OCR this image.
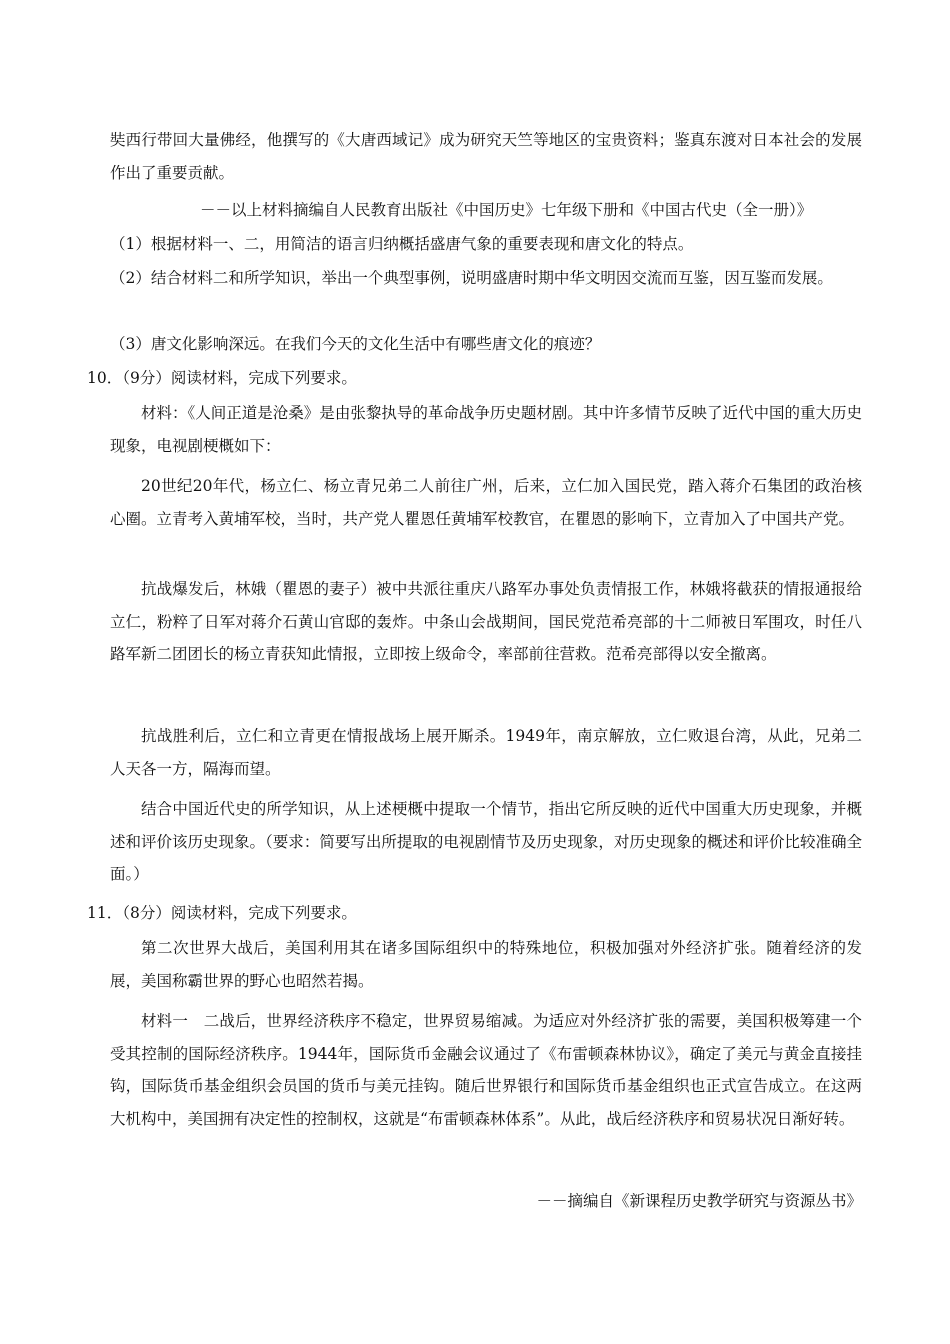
奘西行带回大量佛经，他撰写的《大唐西域记》成为研究天竺等地区的宝贵资料；鉴真东渡对日本社会的发展作出了重要贡献。
－－以上材料摘编自人民教育出版社《中国历史》七年级下册和《中国古代史（全一册）》
（1）根据材料一、二，用简洁的语言归纳概括盛唐气象的重要表现和唐文化的特点。
（2）结合材料二和所学知识，举出一个典型事例，说明盛唐时期中华文明因交流而互鉴，因互鉴而发展。
（3）唐文化影响深远。在我们今天的文化生活中有哪些唐文化的痕迹？
10．（9分）阅读材料，完成下列要求。
材料：《人间正道是沧桑》是由张黎执导的革命战争历史题材剧。其中许多情节反映了近代中国的重大历史现象，电视剧梗概如下：
20世纪20年代，杨立仁、杨立青兄弟二人前往广州，后来，立仁加入国民党，踏入蒋介石集团的政治核心圈。立青考入黄埔军校，当时，共产党人瞿恩任黄埔军校教官，在瞿恩的影响下，立青加入了中国共产党。
抗战爆发后，林娥（瞿恩的妻子）被中共派往重庆八路军办事处负责情报工作，林娥将截获的情报通报给立仁，粉粹了日军对蒋介石黄山官邸的轰炸。中条山会战期间，国民党范希亮部的十二师被日军围攻，时任八路军新二团团长的杨立青获知此情报，立即按上级命令，率部前往营救。范希亮部得以安全撤离。
抗战胜利后，立仁和立青更在情报战场上展开厮杀。1949年，南京解放，立仁败退台湾，从此，兄弟二人天各一方，隔海而望。
结合中国近代史的所学知识，从上述梗概中提取一个情节，指出它所反映的近代中国重大历史现象，并概述和评价该历史现象。（要求：简要写出所提取的电视剧情节及历史现象，对历史现象的概述和评价比较准确全面。）
11．（8分）阅读材料，完成下列要求。
第二次世界大战后，美国利用其在诸多国际组织中的特殊地位，积极加强对外经济扩张。随着经济的发展，美国称霸世界的野心也昭然若揭。
材料一　二战后，世界经济秩序不稳定，世界贸易缩减。为适应对外经济扩张的需要，美国积极筹建一个受其控制的国际经济秩序。1944年，国际货币金融会议通过了《布雷顿森林协议》，确定了美元与黄金直接挂钩，国际货币基金组织会员国的货币与美元挂钩。随后世界银行和国际货币基金组织也正式宣告成立。在这两大机构中，美国拥有决定性的控制权，这就是“布雷顿森林体系”。从此，战后经济秩序和贸易状况日渐好转。
－－摘编自《新课程历史教学研究与资源丛书》
